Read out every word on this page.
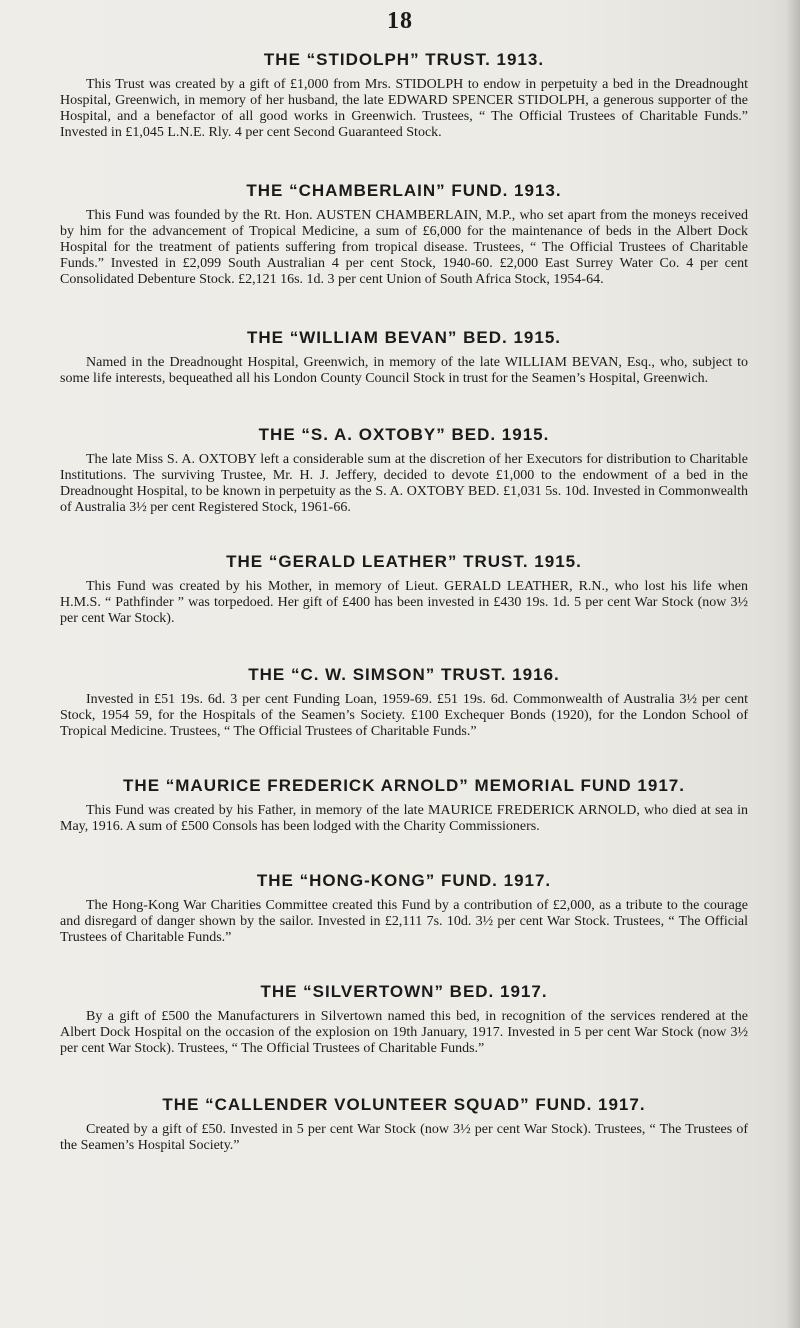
18
THE “STIDOLPH” TRUST. 1913.

This Trust was created by a gift of £1,000 from Mrs. STIDOLPH to endow in perpetuity a bed in the Dreadnought Hospital, Greenwich, in memory of her husband, the late EDWARD SPENCER STIDOLPH, a generous supporter of the Hospital, and a benefactor of all good works in Greenwich. Trustees, “ The Official Trustees of Charitable Funds.” Invested in £1,045 L.N.E. Rly. 4 per cent Second Guaranteed Stock.

THE “CHAMBERLAIN” FUND. 1913.

This Fund was founded by the Rt. Hon. AUSTEN CHAMBERLAIN, M.P., who set apart from the moneys received by him for the advancement of Tropical Medicine, a sum of £6,000 for the maintenance of beds in the Albert Dock Hospital for the treatment of patients suffering from tropical disease. Trustees, “ The Official Trustees of Charitable Funds.” Invested in £2,099 South Australian 4 per cent Stock, 1940-60. £2,000 East Surrey Water Co. 4 per cent Consolidated Debenture Stock. £2,121 16s. 1d. 3 per cent Union of South Africa Stock, 1954-64.

THE “WILLIAM BEVAN” BED. 1915.

Named in the Dreadnought Hospital, Greenwich, in memory of the late WILLIAM BEVAN, Esq., who, subject to some life interests, bequeathed all his London County Council Stock in trust for the Seamen’s Hospital, Greenwich.

THE “S. A. OXTOBY” BED. 1915.

The late Miss S. A. OXTOBY left a considerable sum at the discretion of her Executors for distribution to Charitable Institutions. The surviving Trustee, Mr. H. J. Jeffery, decided to devote £1,000 to the endowment of a bed in the Dreadnought Hospital, to be known in perpetuity as the S. A. OXTOBY BED. £1,031 5s. 10d. Invested in Commonwealth of Australia 3½ per cent Registered Stock, 1961-66.

THE “GERALD LEATHER” TRUST. 1915.

This Fund was created by his Mother, in memory of Lieut. GERALD LEATHER, R.N., who lost his life when H.M.S. “ Pathfinder ” was torpedoed. Her gift of £400 has been invested in £430 19s. 1d. 5 per cent War Stock (now 3½ per cent War Stock).

THE “C. W. SIMSON” TRUST. 1916.

Invested in £51 19s. 6d. 3 per cent Funding Loan, 1959-69. £51 19s. 6d. Commonwealth of Australia 3½ per cent Stock, 1954 59, for the Hospitals of the Seamen’s Society. £100 Exchequer Bonds (1920), for the London School of Tropical Medicine. Trustees, “ The Official Trustees of Charitable Funds.”

THE “MAURICE FREDERICK ARNOLD” MEMORIAL FUND 1917.

This Fund was created by his Father, in memory of the late MAURICE FREDERICK ARNOLD, who died at sea in May, 1916. A sum of £500 Consols has been lodged with the Charity Commissioners.

THE “HONG-KONG” FUND. 1917.

The Hong-Kong War Charities Committee created this Fund by a contribution of £2,000, as a tribute to the courage and disregard of danger shown by the sailor. Invested in £2,111 7s. 10d. 3½ per cent War Stock. Trustees, “ The Official Trustees of Charitable Funds.”

THE “SILVERTOWN” BED. 1917.

By a gift of £500 the Manufacturers in Silvertown named this bed, in recognition of the services rendered at the Albert Dock Hospital on the occasion of the explosion on 19th January, 1917. Invested in 5 per cent War Stock (now 3½ per cent War Stock). Trustees, “ The Official Trustees of Charitable Funds.”

THE “CALLENDER VOLUNTEER SQUAD” FUND. 1917.

Created by a gift of £50. Invested in 5 per cent War Stock (now 3½ per cent War Stock). Trustees, “ The Trustees of the Seamen’s Hospital Society.”
